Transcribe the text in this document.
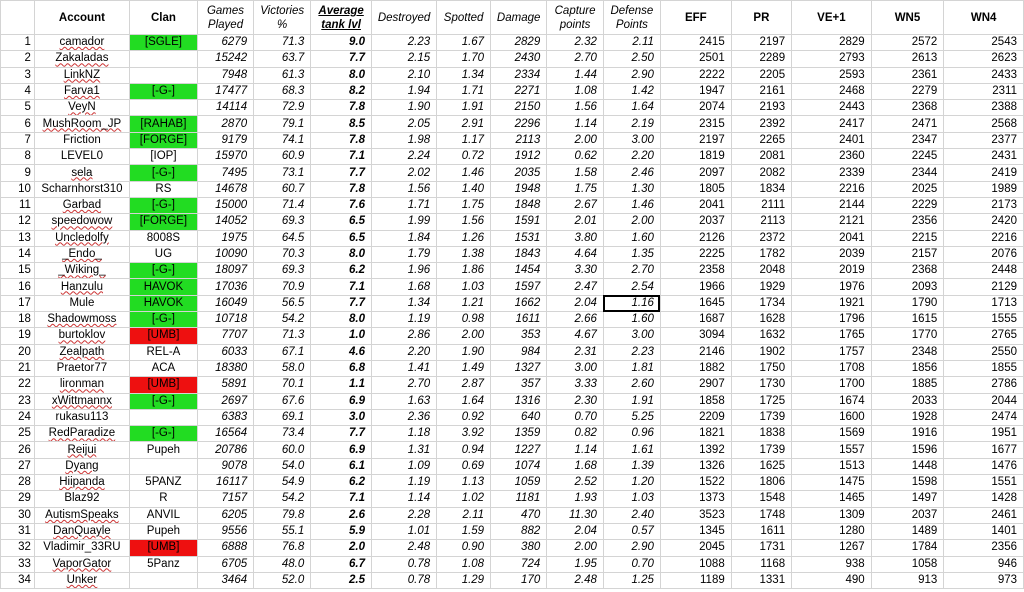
	Account	Clan	Games Played	Victories %	Average tank lvl	Destroyed	Spotted	Damage	Capture points	Defense Points	EFF	PR	VE+1	WN5	WN4
1	camador	[SGLE]	6279	71.3	9.0	2.23	1.67	2829	2.32	2.11	2415	2197	2829	2572	2543
2	Zakaladas		15242	63.7	7.7	2.15	1.70	2430	2.70	2.50	2501	2289	2793	2613	2623
3	LinkNZ		7948	61.3	8.0	2.10	1.34	2334	1.44	2.90	2222	2205	2593	2361	2433
4	Farva1	[-G-]	17477	68.3	8.2	1.94	1.71	2271	1.08	1.42	1947	2161	2468	2279	2311
5	VeyN		14114	72.9	7.8	1.90	1.91	2150	1.56	1.64	2074	2193	2443	2368	2388
6	MushRoom_JP	[RAHAB]	2870	79.1	8.5	2.05	2.91	2296	1.14	2.19	2315	2392	2417	2471	2568
7	Friction	[FORGE]	9179	74.1	7.8	1.98	1.17	2113	2.00	3.00	2197	2265	2401	2347	2377
8	LEVEL0	[IOP]	15970	60.9	7.1	2.24	0.72	1912	0.62	2.20	1819	2081	2360	2245	2431
9	sela	[-G-]	7495	73.1	7.7	2.02	1.46	2035	1.58	2.46	2097	2082	2339	2344	2419
10	Scharnhorst310	RS	14678	60.7	7.8	1.56	1.40	1948	1.75	1.30	1805	1834	2216	2025	1989
11	Garbad	[-G-]	15000	71.4	7.6	1.71	1.75	1848	2.67	1.46	2041	2111	2144	2229	2173
12	speedowow	[FORGE]	14052	69.3	6.5	1.99	1.56	1591	2.01	2.00	2037	2113	2121	2356	2420
13	Uncledolfy	8008S	1975	64.5	6.5	1.84	1.26	1531	3.80	1.60	2126	2372	2041	2215	2216
14	_Endo_	UG	10090	70.3	8.0	1.79	1.38	1843	4.64	1.35	2225	1782	2039	2157	2076
15	_Wiking_	[-G-]	18097	69.3	6.2	1.96	1.86	1454	3.30	2.70	2358	2048	2019	2368	2448
16	Hanzulu	HAVOK	17036	70.9	7.1	1.68	1.03	1597	2.47	2.54	1966	1929	1976	2093	2129
17	Mule	HAVOK	16049	56.5	7.7	1.34	1.21	1662	2.04	1.16	1645	1734	1921	1790	1713
18	Shadowmoss	[-G-]	10718	54.2	8.0	1.19	0.98	1611	2.66	1.60	1687	1628	1796	1615	1555
19	burtoklov	[UMB]	7707	71.3	1.0	2.86	2.00	353	4.67	3.00	3094	1632	1765	1770	2765
20	Zealpath	REL-A	6033	67.1	4.6	2.20	1.90	984	2.31	2.23	2146	1902	1757	2348	2550
21	Praetor77	ACA	18380	58.0	6.8	1.41	1.49	1327	3.00	1.81	1882	1750	1708	1856	1855
22	lironman	[UMB]	5891	70.1	1.1	2.70	2.87	357	3.33	2.60	2907	1730	1700	1885	2786
23	xWittmannx	[-G-]	2697	67.6	6.9	1.63	1.64	1316	2.30	1.91	1858	1725	1674	2033	2044
24	rukasu113		6383	69.1	3.0	2.36	0.92	640	0.70	5.25	2209	1739	1600	1928	2474
25	RedParadize	[-G-]	16564	73.4	7.7	1.18	3.92	1359	0.82	0.96	1821	1838	1569	1916	1951
26	Reijui	Pupeh	20786	60.0	6.9	1.31	0.94	1227	1.14	1.61	1392	1739	1557	1596	1677
27	Dyang		9078	54.0	6.1	1.09	0.69	1074	1.68	1.39	1326	1625	1513	1448	1476
28	Hiipanda	5PANZ	16117	54.9	6.2	1.19	1.13	1059	2.52	1.20	1522	1806	1475	1598	1551
29	Blaz92	R	7157	54.2	7.1	1.14	1.02	1181	1.93	1.03	1373	1548	1465	1497	1428
30	AutismSpeaks	ANVIL	6205	79.8	2.6	2.28	2.11	470	11.30	2.40	3523	1748	1309	2037	2461
31	DanQuayle	Pupeh	9556	55.1	5.9	1.01	1.59	882	2.04	0.57	1345	1611	1280	1489	1401
32	Vladimir_33RU	[UMB]	6888	76.8	2.0	2.48	0.90	380	2.00	2.90	2045	1731	1267	1784	2356
33	VaporGator	5Panz	6705	48.0	6.7	0.78	1.08	724	1.95	0.70	1088	1168	938	1058	946
34	Unker		3464	52.0	2.5	0.78	1.29	170	2.48	1.25	1189	1331	490	913	973
